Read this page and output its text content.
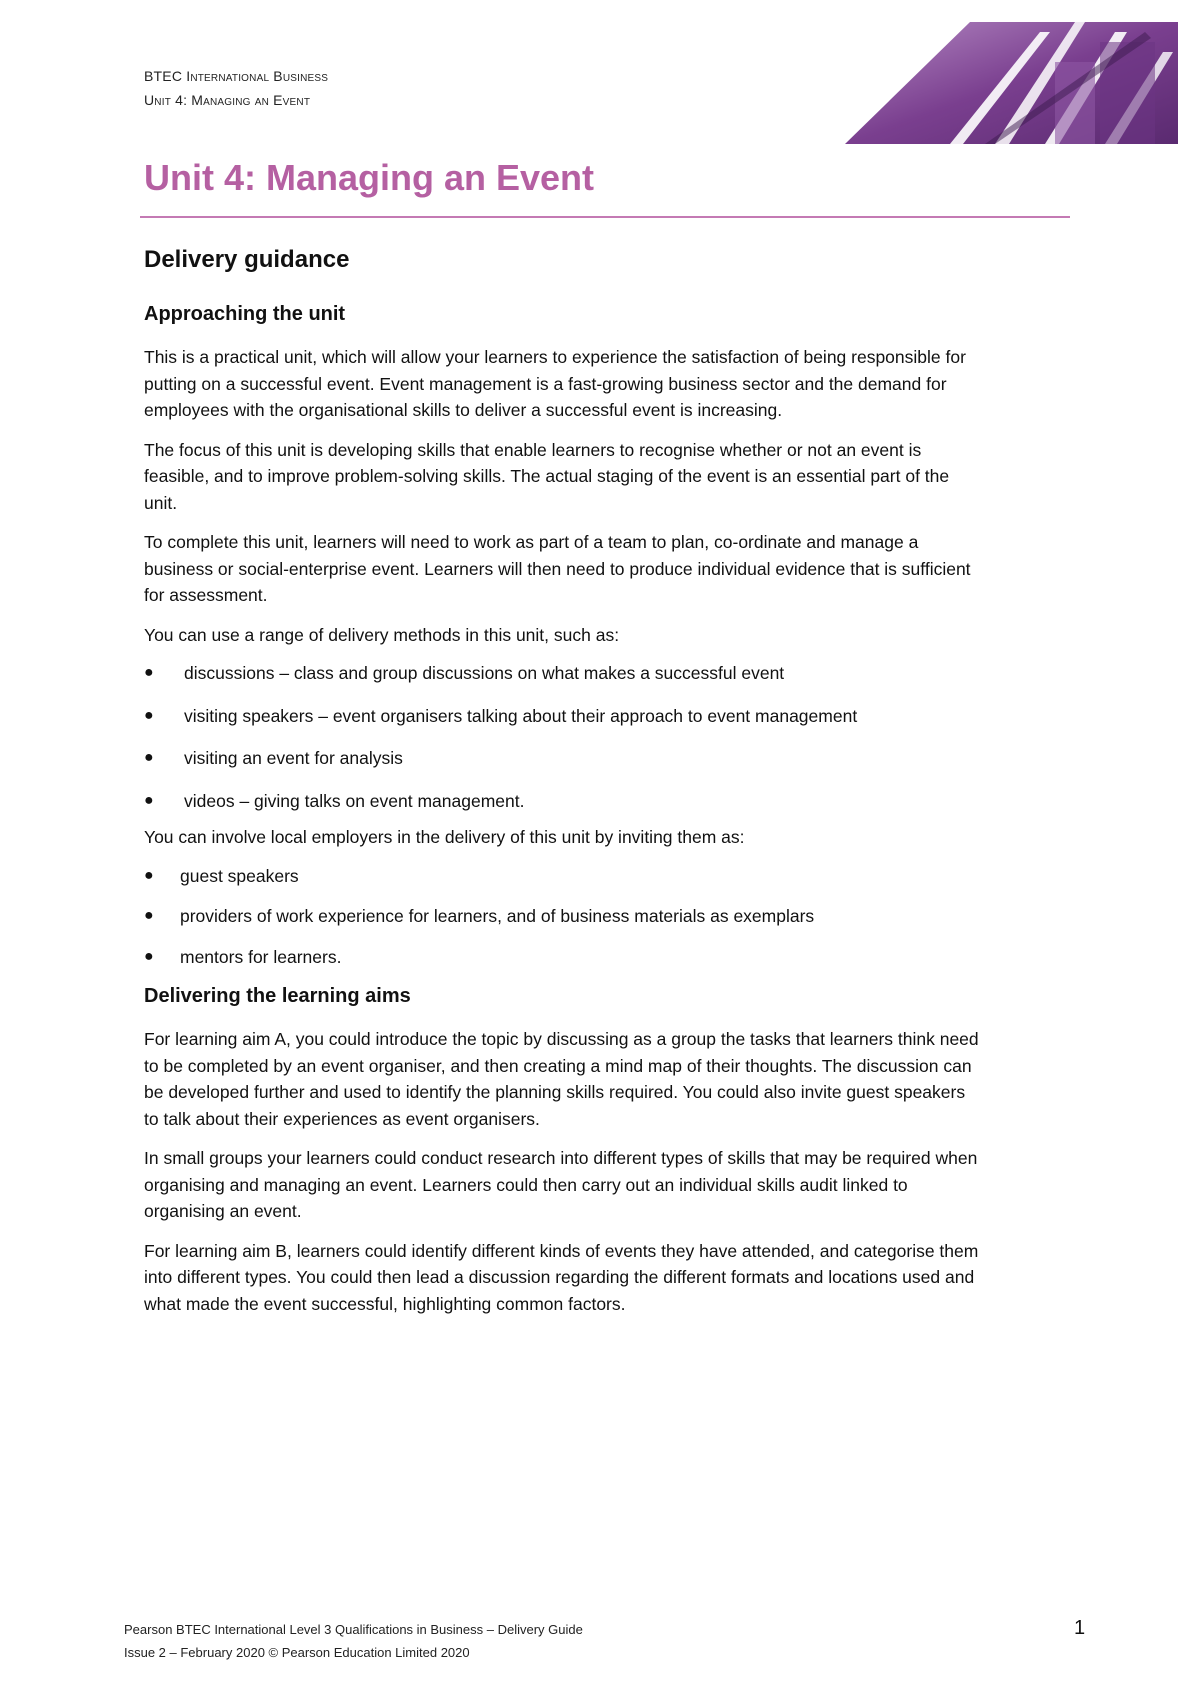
BTEC International Business
Unit 4: Managing an Event
Unit 4: Managing an Event
Delivery guidance
Approaching the unit

This is a practical unit, which will allow your learners to experience the satisfaction of being responsible for putting on a successful event. Event management is a fast-growing business sector and the demand for employees with the organisational skills to deliver a successful event is increasing.

The focus of this unit is developing skills that enable learners to recognise whether or not an event is feasible, and to improve problem-solving skills. The actual staging of the event is an essential part of the unit.

To complete this unit, learners will need to work as part of a team to plan, co-ordinate and manage a business or social-enterprise event. Learners will then need to produce individual evidence that is sufficient for assessment.

You can use a range of delivery methods in this unit, such as:

● discussions – class and group discussions on what makes a successful event
● visiting speakers – event organisers talking about their approach to event management
● visiting an event for analysis
● videos – giving talks on event management.

You can involve local employers in the delivery of this unit by inviting them as:

● guest speakers
● providers of work experience for learners, and of business materials as exemplars
● mentors for learners.
Delivering the learning aims

For learning aim A, you could introduce the topic by discussing as a group the tasks that learners think need to be completed by an event organiser, and then creating a mind map of their thoughts. The discussion can be developed further and used to identify the planning skills required. You could also invite guest speakers to talk about their experiences as event organisers.

In small groups your learners could conduct research into different types of skills that may be required when organising and managing an event. Learners could then carry out an individual skills audit linked to organising an event.

For learning aim B, learners could identify different kinds of events they have attended, and categorise them into different types. You could then lead a discussion regarding the different formats and locations used and what made the event successful, highlighting common factors.

Pearson BTEC International Level 3 Qualifications in Business – Delivery Guide
Issue 2 – February 2020 © Pearson Education Limited 2020
1
